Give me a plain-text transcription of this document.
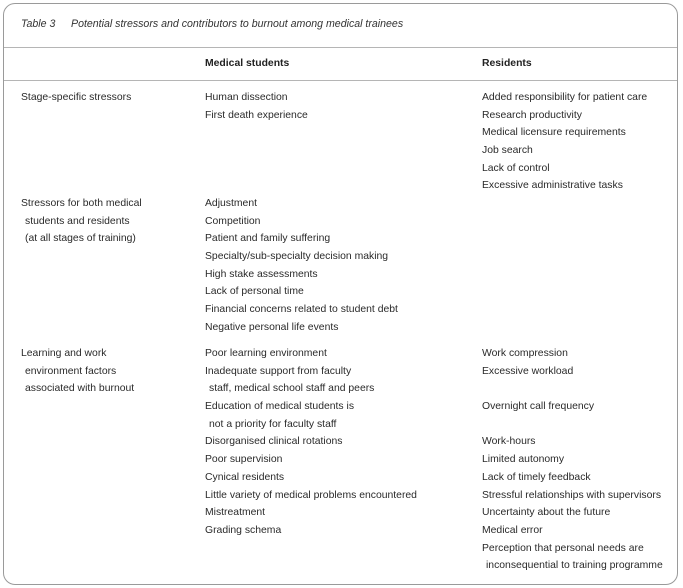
Table 3 Potential stressors and contributors to burnout among medical trainees
Medical students	Residents
Stage-specific stressors	Human dissection
First death experience
Added responsibility for patient care
Research productivity
Medical licensure requirements
Job search
Lack of control
Excessive administrative tasks
Stressors for both medical
students and residents
(at all stages of training)
Adjustment
Competition
Patient and family suffering
Specialty/sub-specialty decision making
High stake assessments
Lack of personal time
Financial concerns related to student debt
Negative personal life events
Learning and work
environment factors
associated with burnout
Poor learning environment
Inadequate support from faculty
staff, medical school staff and peers
Education of medical students is
not a priority for faculty staff
Disorganised clinical rotations
Poor supervision
Cynical residents
Little variety of medical problems encountered
Mistreatment
Grading schema
Work compression
Excessive workload
Overnight call frequency
Work-hours
Limited autonomy
Lack of timely feedback
Stressful relationships with supervisors
Uncertainty about the future
Medical error
Perception that personal needs are
inconsequential to training programme
